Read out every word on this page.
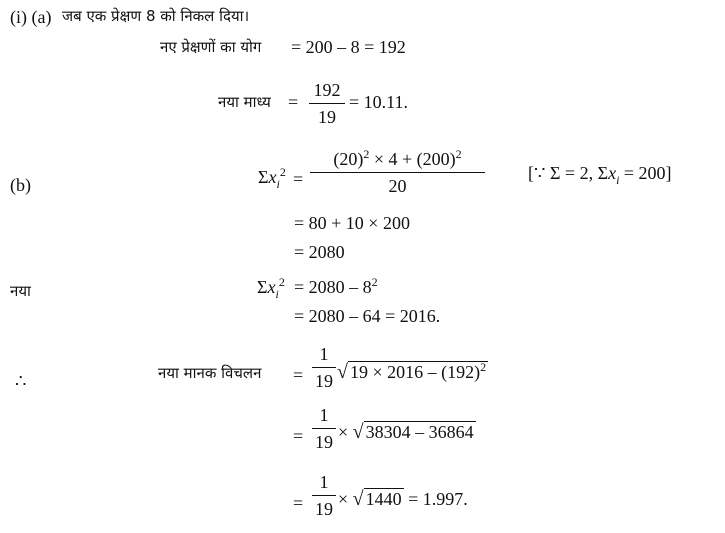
(i) (a) जब एक प्रेक्षण 8 को निकल दिया।
नए प्रेक्षणों का योग = 200 – 8 = 192
नया माध्य = $\frac{192}{19} = 10.11$.
(b)	$\Sigma x_i^2 = \frac{(20)^2 \times 4 + (200)^2}{20}$ [∵ Σ = 2, $\Sigma x_i = 200$]
= 80 + 10 × 200
= 2080
नया	$\Sigma x_i^2 = 2080 - 8^2$
= 2080 – 64 = 2016.
∴	नया मानक विचलन = $\frac{1}{19}$ √ $19 \times 2016 - (192)^2$
= $\frac{1}{19}$ × √ 38304 – 36864
= $\frac{1}{19}$ × √ 1440 = 1.997.
